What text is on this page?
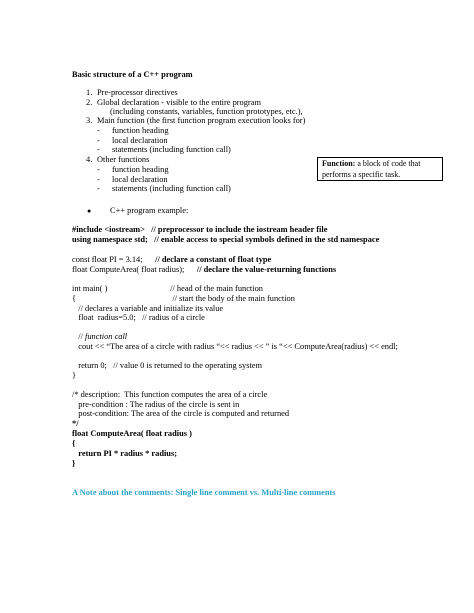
Basic structure of a C++ program
1. Pre-processor directives
2. Global declaration - visible to the entire program
(including constants, variables, function prototypes, etc.),
3. Main function (the first function program execution looks for)
- function heading
- local declaration
- statements (including function call)
4. Other functions
- function heading
- local declaration
- statements (including function call)
Function: a block of code that performs a specific task.
● C++ program example:
#include <iostream>   // preprocessor to include the iostream header file
using namespace std;   // enable access to special symbols defined in the std namespace
const float PI = 3.14;      // declare a constant of float type
float ComputeArea( float radius);      // declare the value-returning functions
int main( )                              // head of the main function
{                                              // start the body of the main function
// declares a variable and initialize its value
float  radius=5.0;   // radius of a circle
// function call
cout << “The area of a circle with radius “<< radius << ” is “<< ComputeArea(radius) << endl;
return 0;   // value 0 is returned to the operating system
}
/* description:  This function computes the area of a circle
pre-condition : The radius of the circle is sent in
post-condition: The area of the circle is computed and returned
*/
float ComputeArea( float radius )
{
return PI * radius * radius;
}
A Note about the comments: Single line comment vs. Multi-line comments
